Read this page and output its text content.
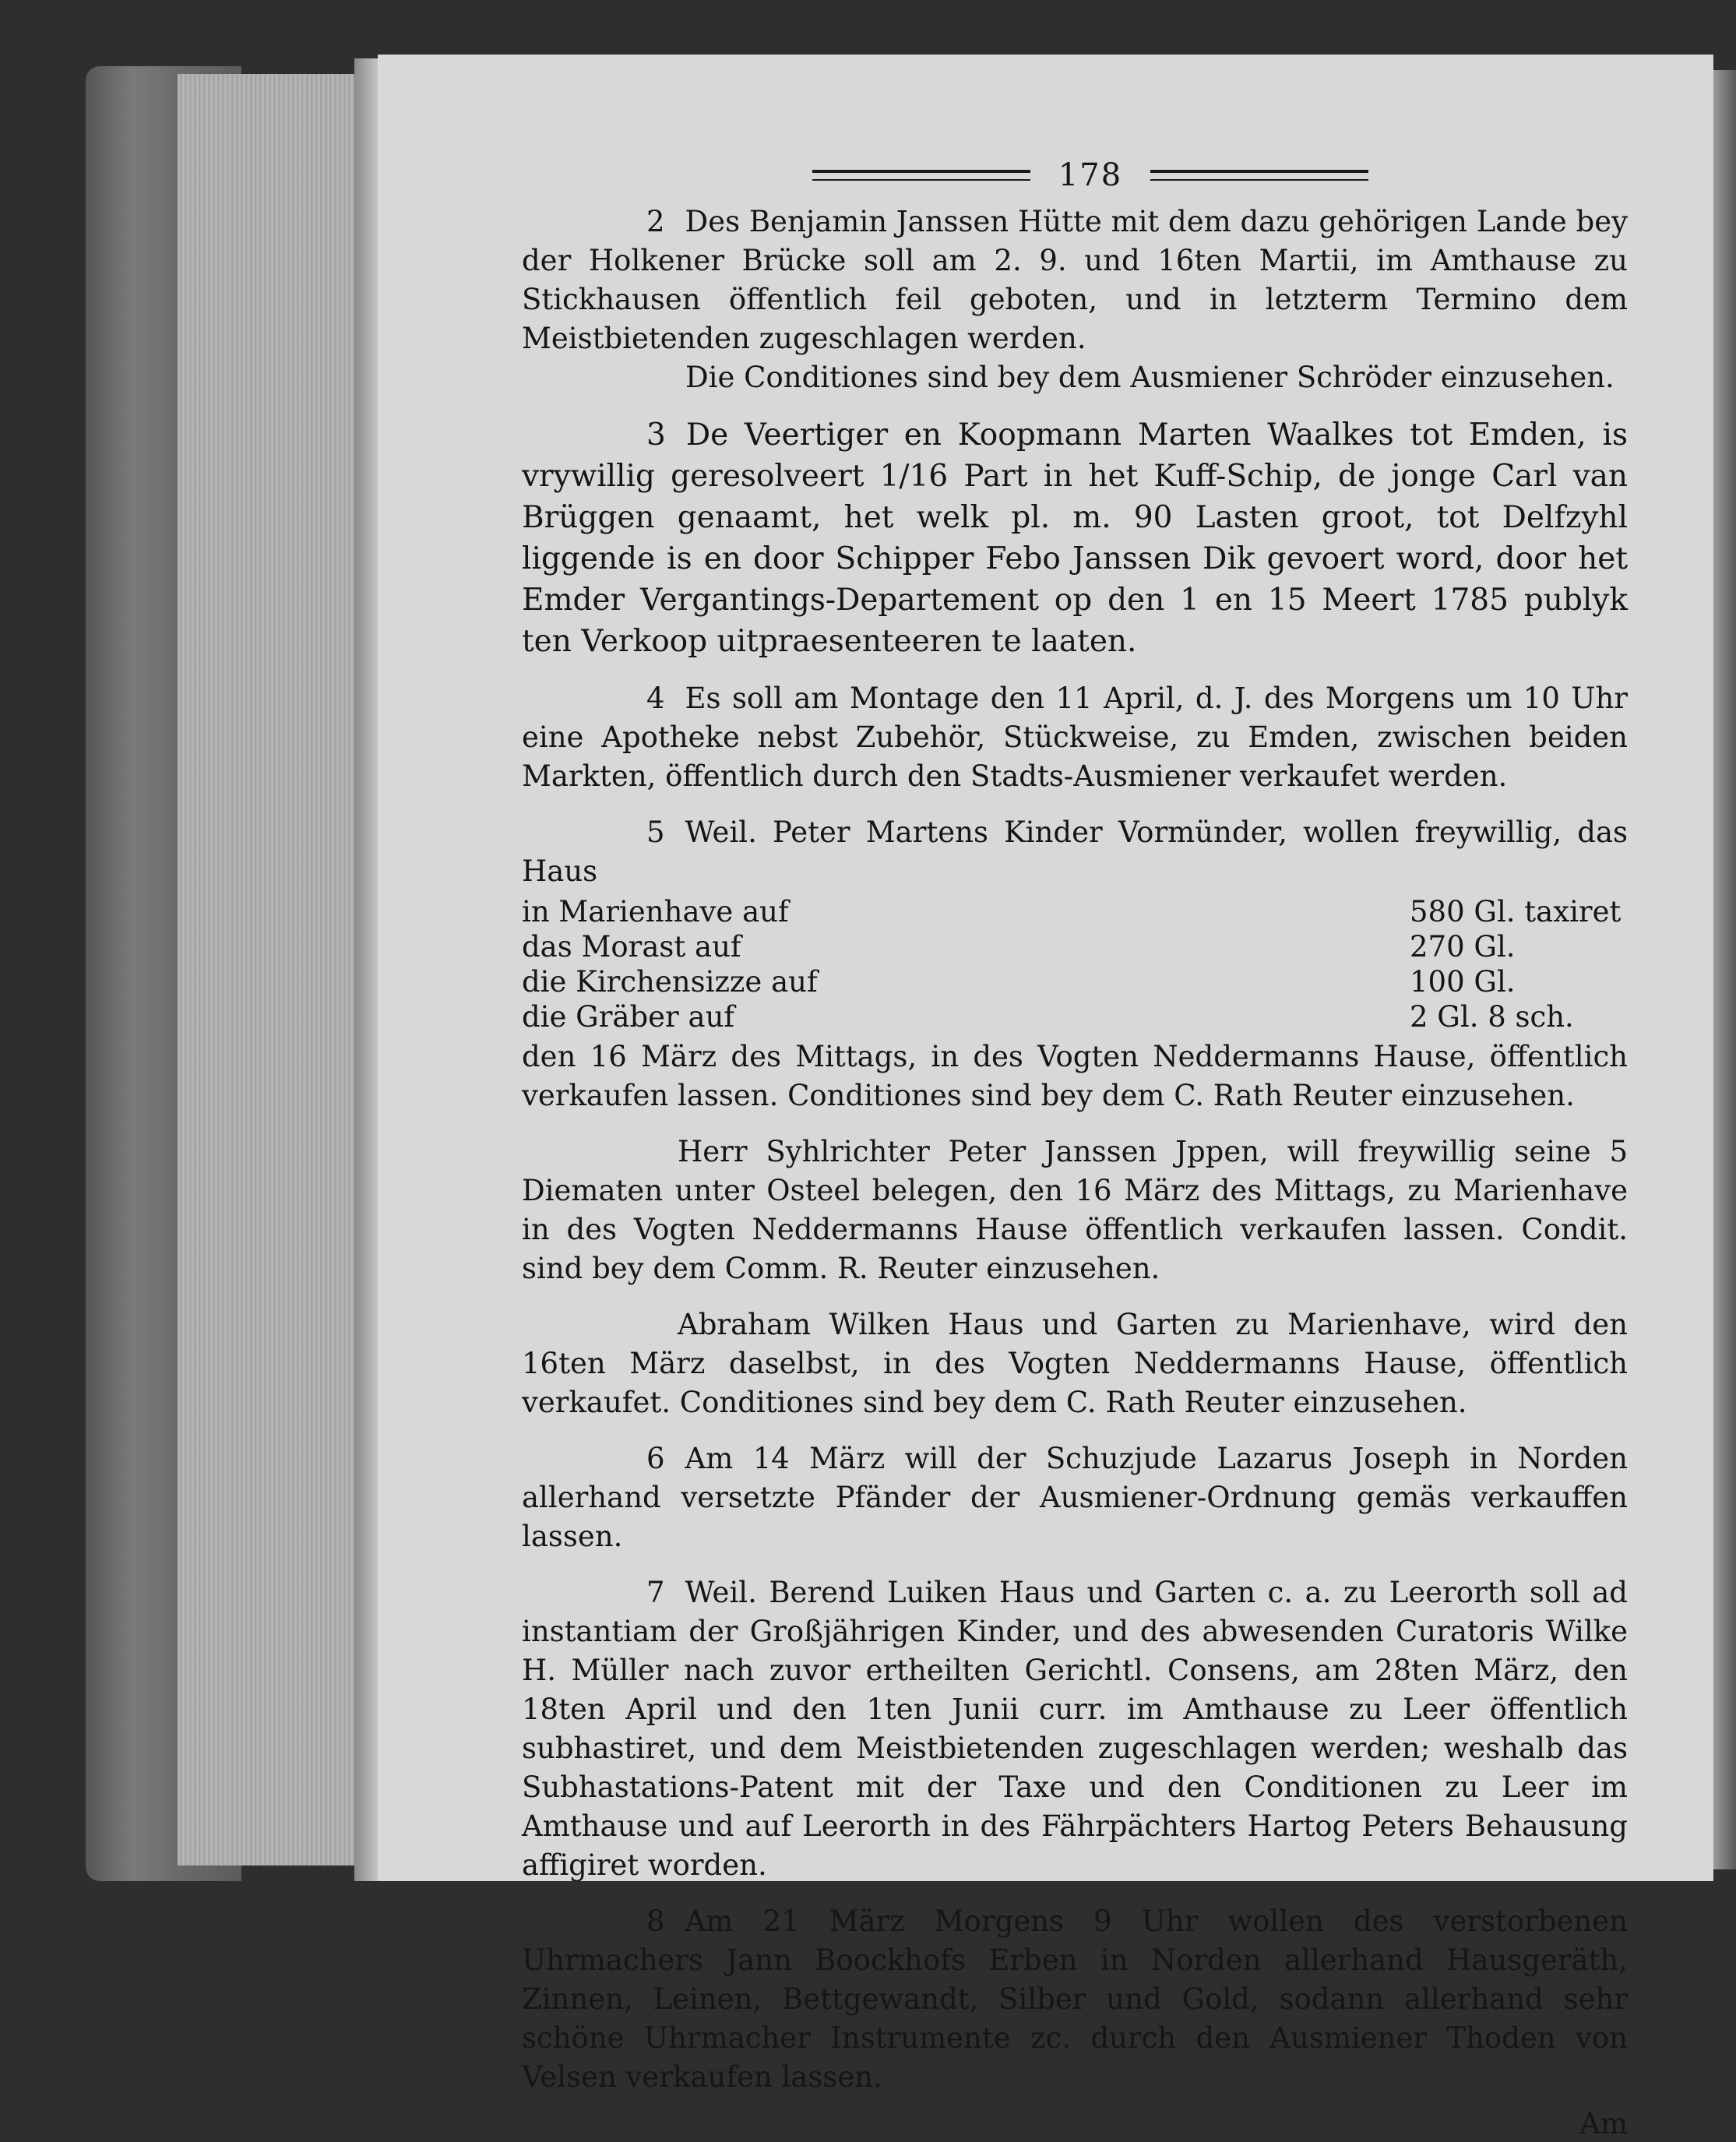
178

2 Des Benjamin Janssen Hütte mit dem dazu gehörigen Lande bey der Holkener Brücke soll am 2. 9. und 16ten Martii, im Amthause zu Stickhausen öffentlich feil geboten, und in letzterm Termino dem Meistbietenden zugeschlagen werden.
Die Conditiones sind bey dem Ausmiener Schröder einzusehen.

3 De Veertiger en Koopmann Marten Waalkes tot Emden, is vrywillig geresolveert 1/16 Part in het Kuff-Schip, de jonge Carl van Brüggen genaamt, het welk pl. m. 90 Lasten groot, tot Delfzyhl liggende is en door Schipper Febo Janssen Dik gevoert word, door het Emder Vergantings-Departement op den 1 en 15 Meert 1785 publyk ten Verkoop uitpraesenteeren te laaten.

4 Es soll am Montage den 11 April, d. J. des Morgens um 10 Uhr eine Apotheke nebst Zubehör, Stückweise, zu Emden, zwischen beiden Markten, öffentlich durch den Stadts-Ausmiener verkaufet werden.

5 Weil. Peter Martens Kinder Vormünder, wollen freywillig, das Haus
in Marienhave auf	580 Gl. taxiret
das Morast auf	270 Gl.
die Kirchensizze auf	100 Gl.
die Gräber auf	2 Gl. 8 sch.
den 16 März des Mittags, in des Vogten Neddermanns Hause, öffentlich verkaufen lassen. Conditiones sind bey dem C. Rath Reuter einzusehen.

Herr Syhlrichter Peter Janssen Jppen, will freywillig seine 5 Diematen unter Osteel belegen, den 16 März des Mittags, zu Marienhave in des Vogten Neddermanns Hause öffentlich verkaufen lassen. Condit. sind bey dem Comm. R. Reuter einzusehen.

Abraham Wilken Haus und Garten zu Marienhave, wird den 16ten März daselbst, in des Vogten Neddermanns Hause, öffentlich verkaufet. Conditiones sind bey dem C. Rath Reuter einzusehen.

6 Am 14 März will der Schuzjude Lazarus Joseph in Norden allerhand versetzte Pfänder der Ausmiener-Ordnung gemäs verkauffen lassen.

7 Weil. Berend Luiken Haus und Garten c. a. zu Leerorth soll ad instantiam der Großjährigen Kinder, und des abwesenden Curatoris Wilke H. Müller nach zuvor ertheilten Gerichtl. Consens, am 28ten März, den 18ten April und den 1ten Junii curr. im Amthause zu Leer öffentlich subhastiret, und dem Meistbietenden zugeschlagen werden; weshalb das Subhastations-Patent mit der Taxe und den Conditionen zu Leer im Amthause und auf Leerorth in des Fährpächters Hartog Peters Behausung affigiret worden.

8 Am 21 März Morgens 9 Uhr wollen des verstorbenen Uhrmachers Jann Boockhofs Erben in Norden allerhand Hausgeräth, Zinnen, Leinen, Bettgewandt, Silber und Gold, sodann allerhand sehr schöne Uhrmacher Instrumente zc. durch den Ausmiener Thoden von Velsen verkaufen lassen.

Am
